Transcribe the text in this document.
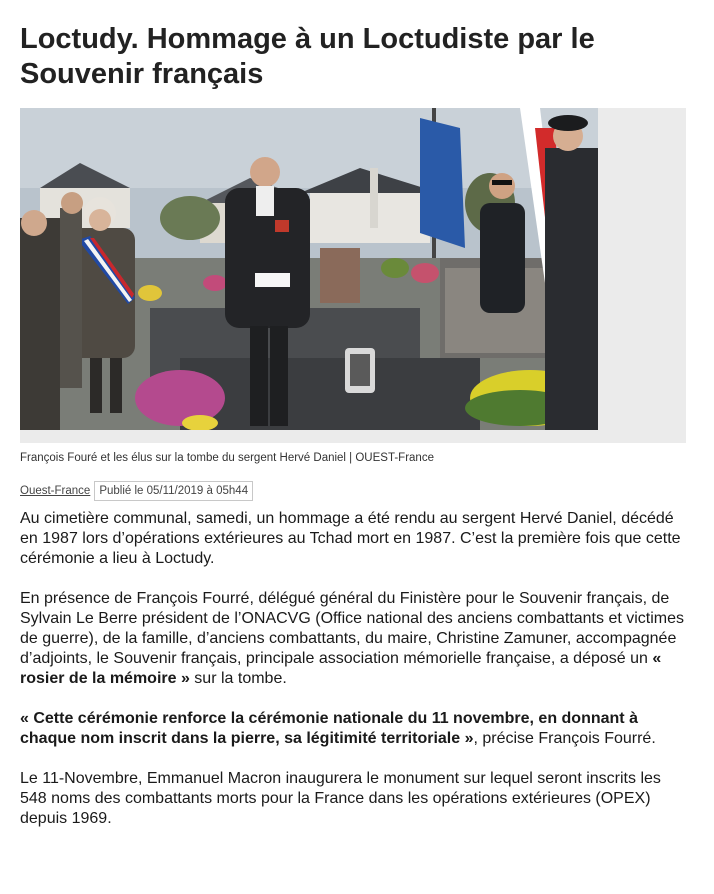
Loctudy. Hommage à un Loctudiste par le Souvenir français
François Fouré et les élus sur la tombe du sergent Hervé Daniel | OUEST-France
Ouest-France Publié le 05/11/2019 à 05h44

Au cimetière communal, samedi, un hommage a été rendu au sergent Hervé Daniel, décédé en 1987 lors d’opérations extérieures au Tchad mort en 1987. C’est la première fois que cette cérémonie a lieu à Loctudy.

En présence de François Fourré, délégué général du Finistère pour le Souvenir français, de Sylvain Le Berre président de l’ONACVG (Office national des anciens combattants et victimes de guerre), de la famille, d’anciens combattants, du maire, Christine Zamuner, accompagnée d’adjoints, le Souvenir français, principale association mémorielle française, a déposé un « rosier de la mémoire » sur la tombe.

« Cette cérémonie renforce la cérémonie nationale du 11 novembre, en donnant à chaque nom inscrit dans la pierre, sa légitimité territoriale », précise François Fourré.

Le 11-Novembre, Emmanuel Macron inaugurera le monument sur lequel seront inscrits les 548 noms des combattants morts pour la France dans les opérations extérieures (OPEX) depuis 1969.
